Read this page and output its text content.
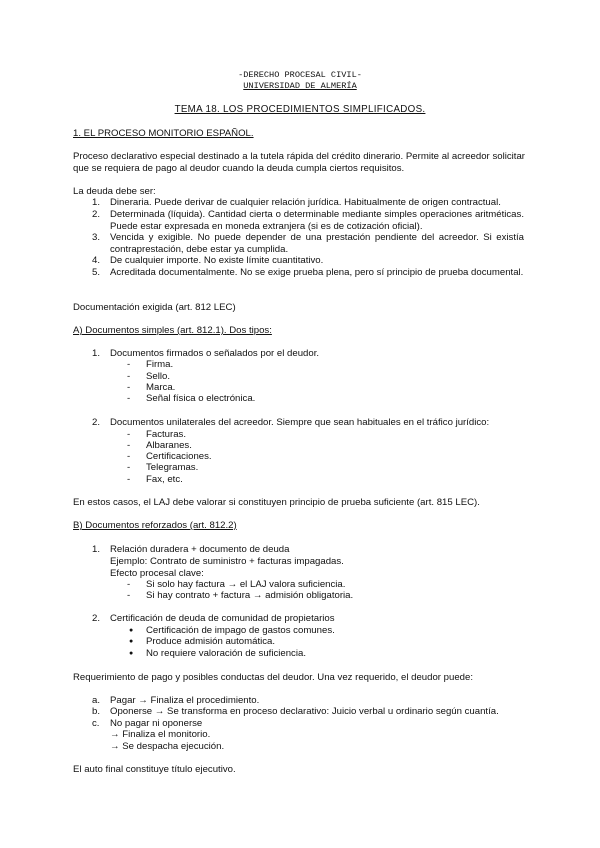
-DERECHO PROCESAL CIVIL-
UNIVERSIDAD DE ALMERÍA
TEMA 18. LOS PROCEDIMIENTOS SIMPLIFICADOS.
1. EL PROCESO MONITORIO ESPAÑOL.
Proceso declarativo especial destinado a la tutela rápida del crédito dinerario. Permite al acreedor solicitar que se requiera de pago al deudor cuando la deuda cumpla ciertos requisitos.
La deuda debe ser:
1.	Dineraria. Puede derivar de cualquier relación jurídica. Habitualmente de origen contractual.
2.	Determinada (líquida). Cantidad cierta o determinable mediante simples operaciones aritméticas. Puede estar expresada en moneda extranjera (si es de cotización oficial).
3.	Vencida y exigible. No puede depender de una prestación pendiente del acreedor. Si existía contraprestación, debe estar ya cumplida.
4.	De cualquier importe. No existe límite cuantitativo.
5.	Acreditada documentalmente. No se exige prueba plena, pero sí principio de prueba documental.
Documentación exigida (art. 812 LEC)
A) Documentos simples (art. 812.1). Dos tipos:
1.	Documentos firmados o señalados por el deudor.
- Firma.
- Sello.
- Marca.
- Señal física o electrónica.
2.	Documentos unilaterales del acreedor. Siempre que sean habituales en el tráfico jurídico:
- Facturas.
- Albaranes.
- Certificaciones.
- Telegramas.
- Fax, etc.
En estos casos, el LAJ debe valorar si constituyen principio de prueba suficiente (art. 815 LEC).
B) Documentos reforzados (art. 812.2)
1.	Relación duradera + documento de deuda
Ejemplo: Contrato de suministro + facturas impagadas.
Efecto procesal clave:
- Si solo hay factura → el LAJ valora suficiencia.
- Si hay contrato + factura → admisión obligatoria.
2.	Certificación de deuda de comunidad de propietarios
● Certificación de impago de gastos comunes.
● Produce admisión automática.
● No requiere valoración de suficiencia.
Requerimiento de pago y posibles conductas del deudor. Una vez requerido, el deudor puede:
a.	Pagar → Finaliza el procedimiento.
b.	Oponerse → Se transforma en proceso declarativo: Juicio verbal u ordinario según cuantía.
c.	No pagar ni oponerse
→ Finaliza el monitorio.
→ Se despacha ejecución.
El auto final constituye título ejecutivo.
